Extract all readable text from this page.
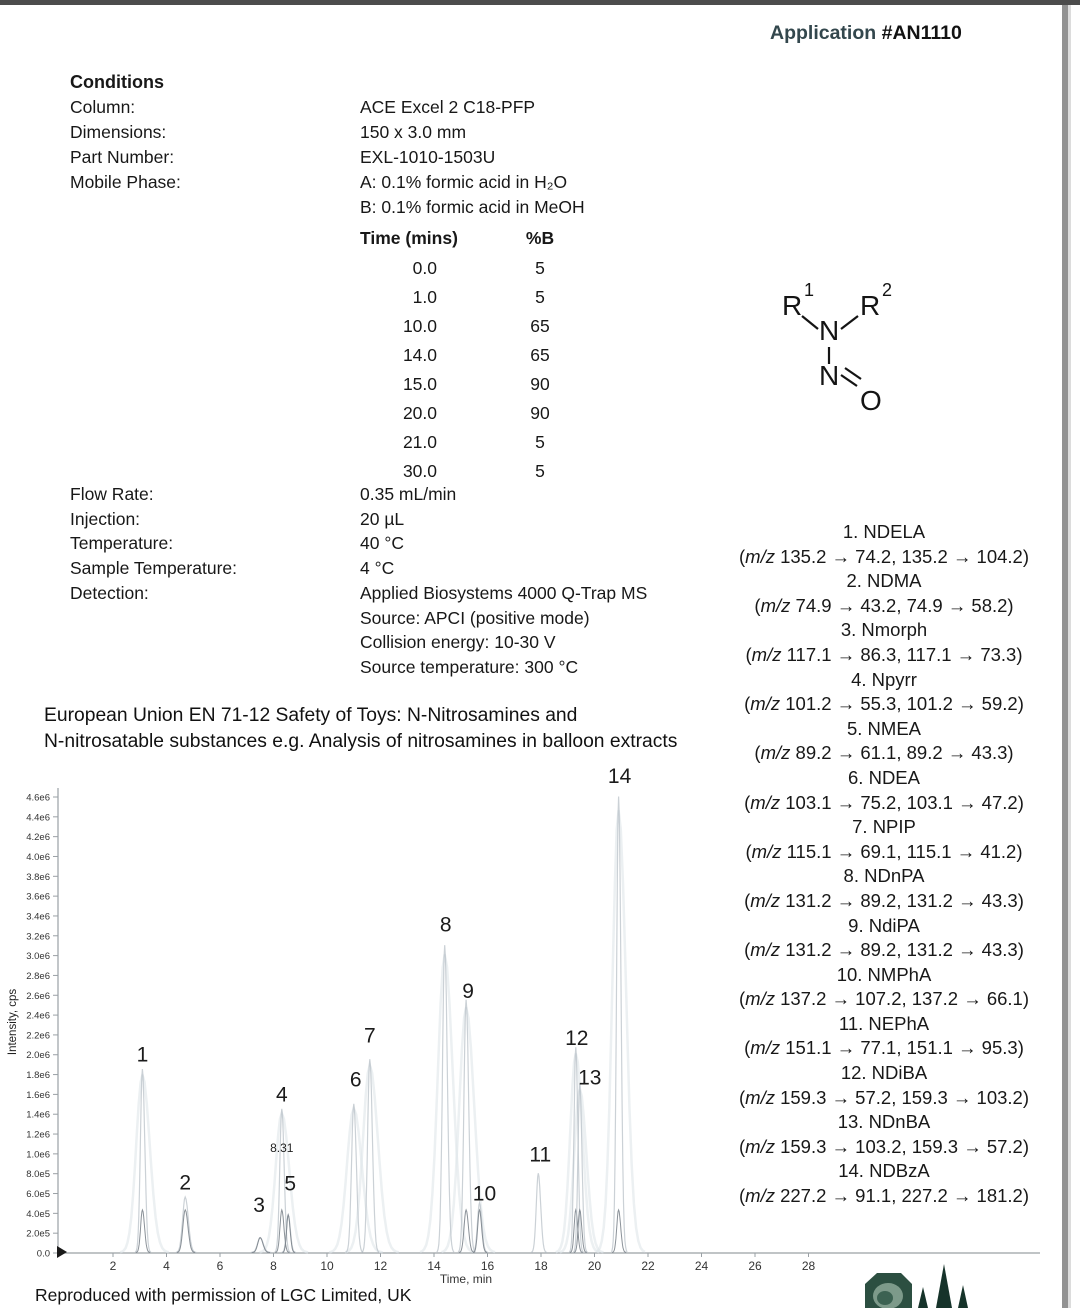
Application #AN1110
Conditions
Column:	ACE Excel 2 C18-PFP
Dimensions:	150 x 3.0 mm
Part Number:	EXL-1010-1503U
Mobile Phase:	A: 0.1% formic acid in H₂O
B: 0.1% formic acid in MeOH
Time (mins)	%B
0.0	5
1.0	5
10.0	65
14.0	65
15.0	90
20.0	90
21.0	5
30.0	5
Flow Rate:	0.35 mL/min
Injection:	20 µL
Temperature:	40 °C
Sample Temperature:	4 °C
Detection:	Applied Biosystems 4000 Q-Trap MS
Source: APCI (positive mode)
Collision energy: 10-30 V
Source temperature: 300 °C
R 1 R 2
N
N
O
1. NDELA
(m/z 135.2 → 74.2, 135.2 → 104.2)
2. NDMA
(m/z 74.9 → 43.2, 74.9 → 58.2)
3. Nmorph
(m/z 117.1 → 86.3, 117.1 → 73.3)
4. Npyrr
(m/z 101.2 → 55.3, 101.2 → 59.2)
5. NMEA
(m/z 89.2 → 61.1, 89.2 → 43.3)
6. NDEA
(m/z 103.1 → 75.2, 103.1 → 47.2)
7. NPIP
(m/z 115.1 → 69.1, 115.1 → 41.2)
8. NDnPA
(m/z 131.2 → 89.2, 131.2 → 43.3)
9. NdiPA
(m/z 131.2 → 89.2, 131.2 → 43.3)
10. NMPhA
(m/z 137.2 → 107.2, 137.2 → 66.1)
11. NEPhA
(m/z 151.1 → 77.1, 151.1 → 95.3)
12. NDiBA
(m/z 159.3 → 57.2, 159.3 → 103.2)
13. NDnBA
(m/z 159.3 → 103.2, 159.3 → 57.2)
14. NDBzA
(m/z 227.2 → 91.1, 227.2 → 181.2)
European Union EN 71-12 Safety of Toys: N-Nitrosamines and
N-nitrosatable substances e.g. Analysis of nitrosamines in balloon extracts
0.0
2.0e5
4.0e5
6.0e5
8.0e5
1.0e6
1.2e6
1.4e6
1.6e6
1.8e6
2.0e6
2.2e6
2.4e6
2.6e6
2.8e6
3.0e6
3.2e6
3.4e6
3.6e6
3.8e6
4.0e6
4.2e6
4.4e6
4.6e6
2	4	6	8	10	12	14	16	18	20	22	24	26	28
Time, min
Intensity, cps	1
2
3
4
5
6
7
8
9
10
11
12
13
14
8.31
Reproduced with permission of LGC Limited, UK
